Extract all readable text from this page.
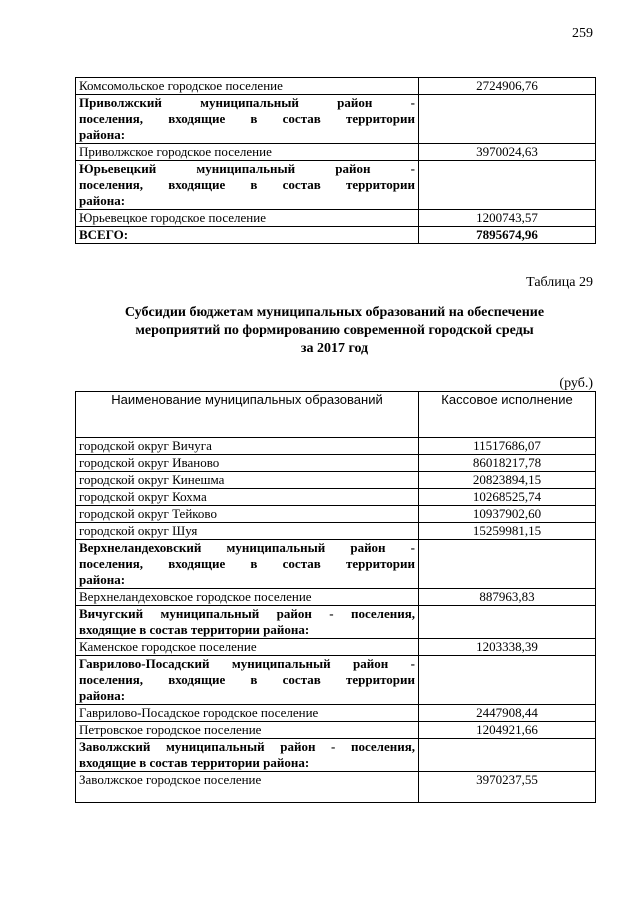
259
Комсомольское городское поселение	2724906,76

Приволжский муниципальный район -
поселения, входящие в состав территории
района:	

Приволжское городское поселение	3970024,63

Юрьевецкий муниципальный район -
поселения, входящие в состав территории
района:	

Юрьевецкое городское поселение	1200743,57
ВСЕГО:	7895674,96
Таблица 29
Субсидии бюджетам муниципальных образований на обеспечение
мероприятий по формированию современной городской среды
за 2017 год
(руб.)
Наименование муниципальных образований	Кассовое исполнение
городской округ Вичуга	11517686,07
городской округ Иваново	86018217,78
городской округ Кинешма	20823894,15
городской округ Кохма	10268525,74
городской округ Тейково	10937902,60
городской округ Шуя	15259981,15

Верхнеландеховский муниципальный район -
поселения, входящие в состав территории
района:	

Верхнеландеховское городское поселение	887963,83

Вичугский муниципальный район - поселения,
входящие в состав территории района:	

Каменское городское поселение	1203338,39

Гаврилово-Посадский муниципальный район -
поселения, входящие в состав территории
района:	

Гаврилово-Посадское городское поселение	2447908,44
Петровское городское поселение	1204921,66

Заволжский муниципальный район - поселения,
входящие в состав территории района:	

Заволжское городское поселение	3970237,55
